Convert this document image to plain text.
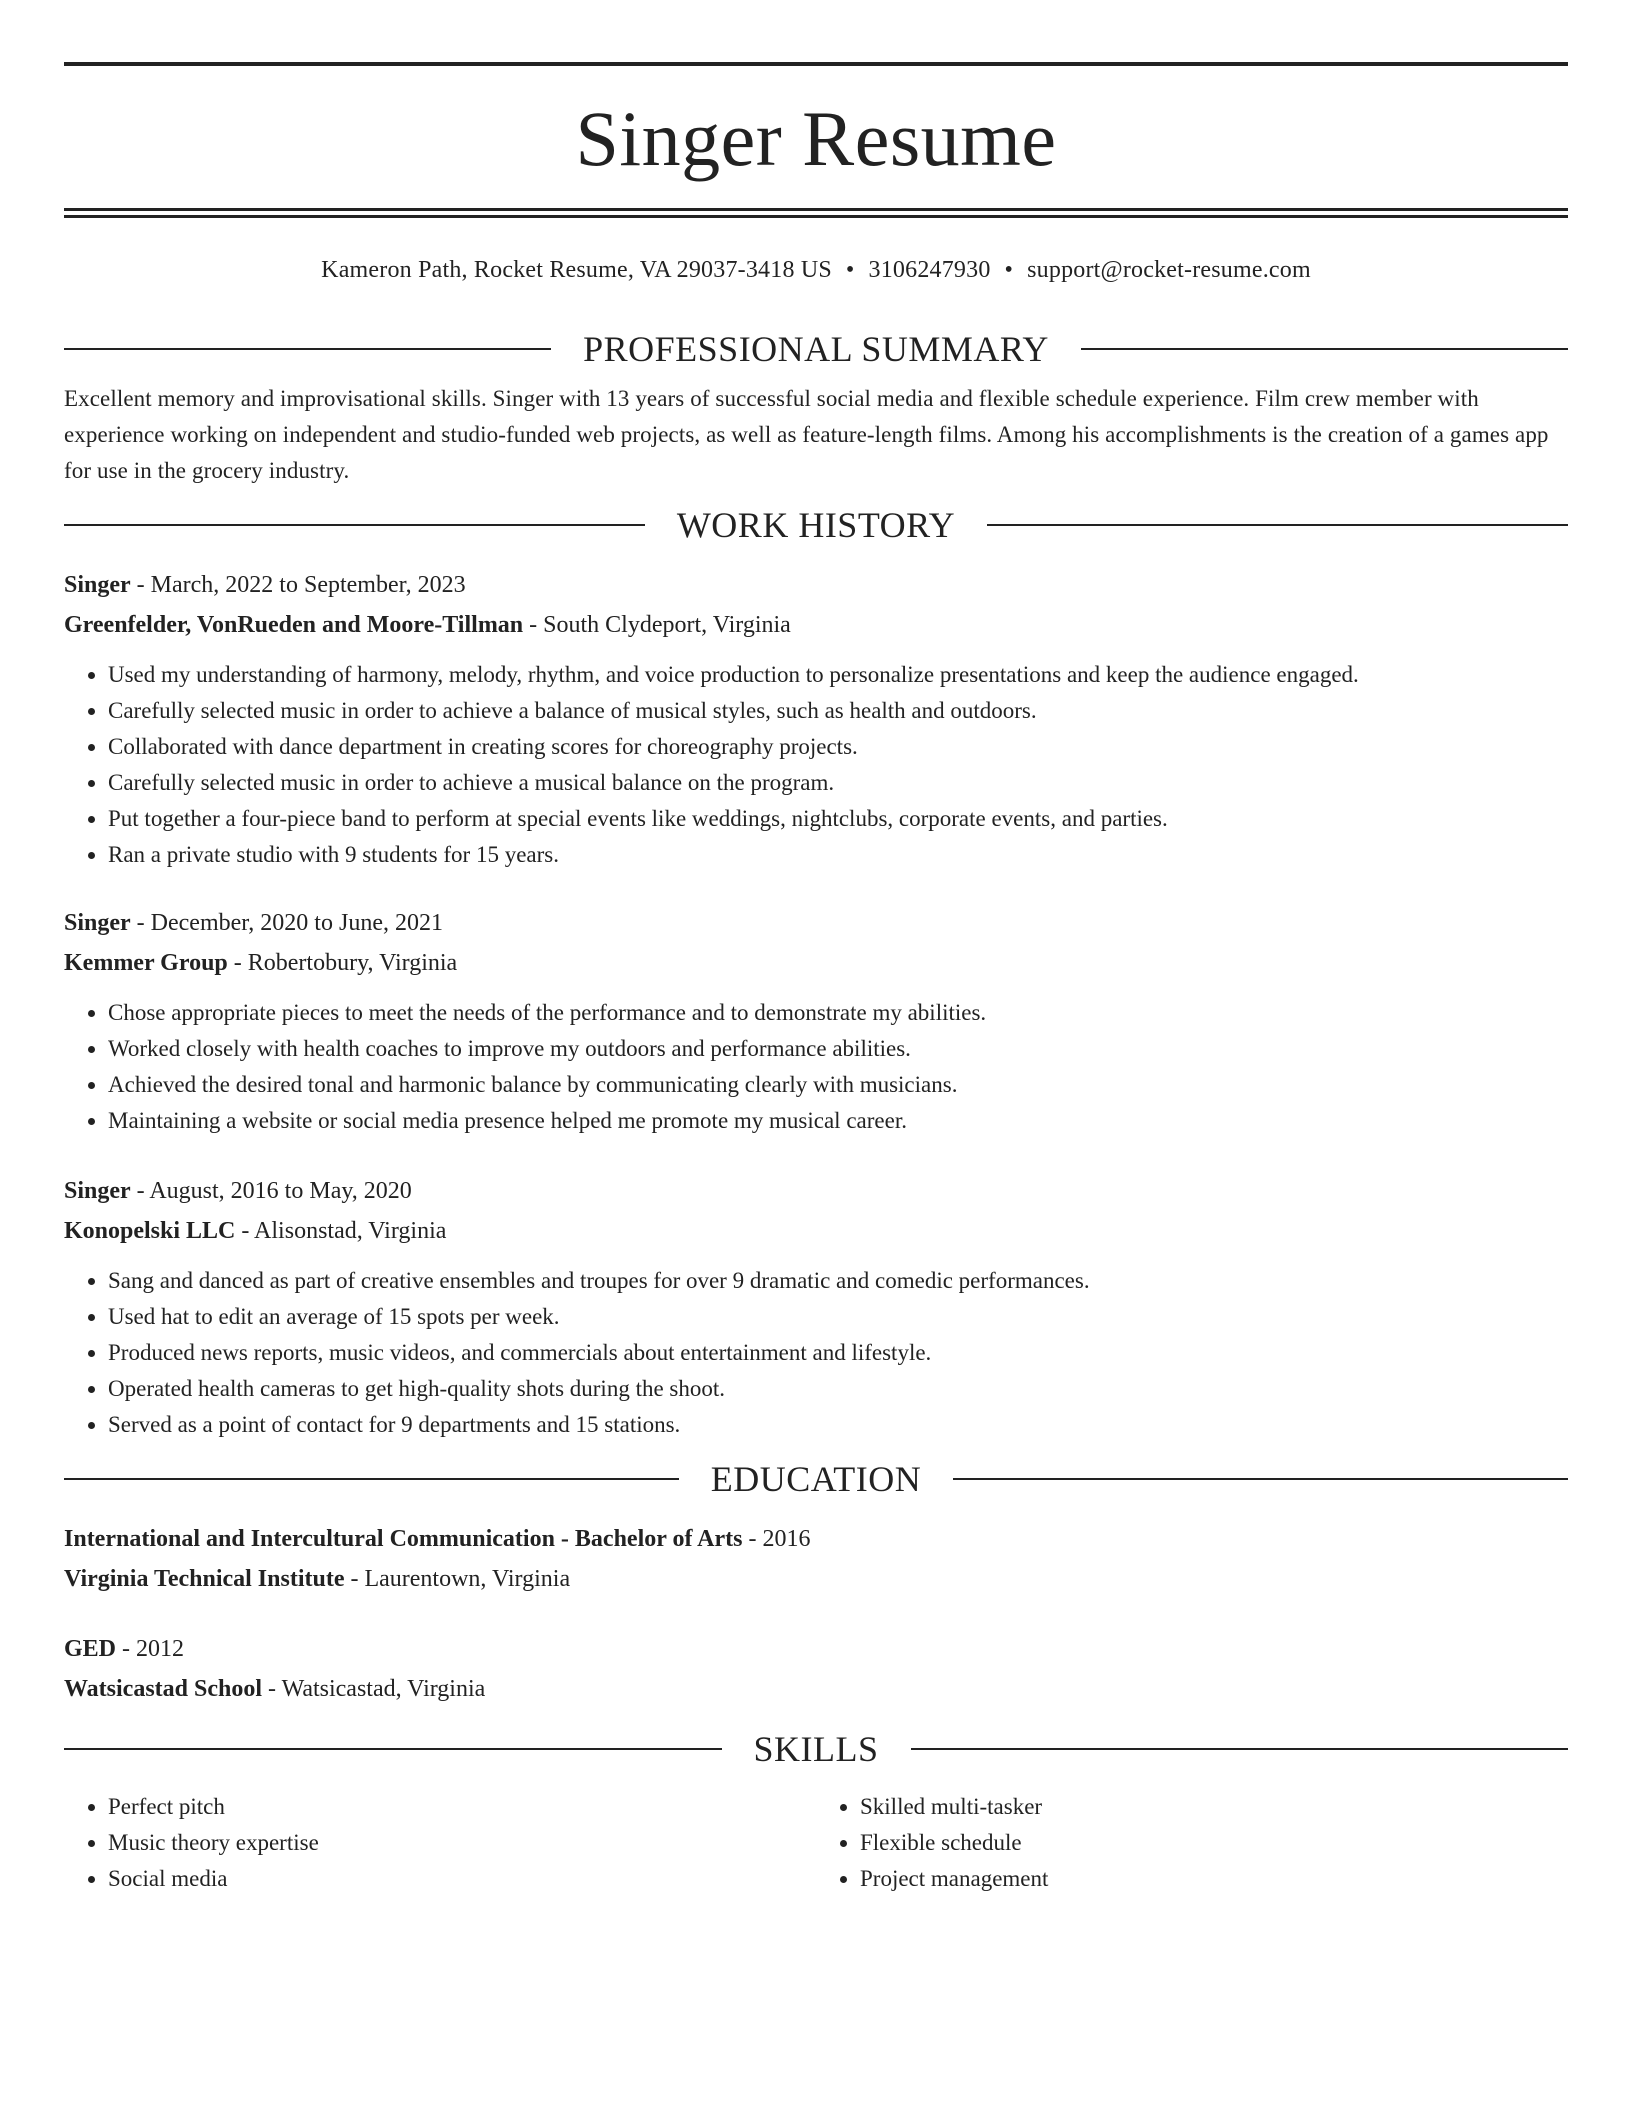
Singer Resume
Kameron Path, Rocket Resume, VA 29037-3418 US • 3106247930 • support@rocket-resume.com
PROFESSIONAL SUMMARY

Excellent memory and improvisational skills. Singer with 13 years of successful social media and flexible schedule experience. Film crew member with experience working on independent and studio-funded web projects, as well as feature-length films. Among his accomplishments is the creation of a games app for use in the grocery industry.

WORK HISTORY
Singer - March, 2022 to September, 2023
Greenfelder, VonRueden and Moore-Tillman - South Clydeport, Virginia
• Used my understanding of harmony, melody, rhythm, and voice production to personalize presentations and keep the audience engaged.
• Carefully selected music in order to achieve a balance of musical styles, such as health and outdoors.
• Collaborated with dance department in creating scores for choreography projects.
• Carefully selected music in order to achieve a musical balance on the program.
• Put together a four-piece band to perform at special events like weddings, nightclubs, corporate events, and parties.
• Ran a private studio with 9 students for 15 years.
Singer - December, 2020 to June, 2021
Kemmer Group - Robertobury, Virginia
• Chose appropriate pieces to meet the needs of the performance and to demonstrate my abilities.
• Worked closely with health coaches to improve my outdoors and performance abilities.
• Achieved the desired tonal and harmonic balance by communicating clearly with musicians.
• Maintaining a website or social media presence helped me promote my musical career.
Singer - August, 2016 to May, 2020
Konopelski LLC - Alisonstad, Virginia
• Sang and danced as part of creative ensembles and troupes for over 9 dramatic and comedic performances.
• Used hat to edit an average of 15 spots per week.
• Produced news reports, music videos, and commercials about entertainment and lifestyle.
• Operated health cameras to get high-quality shots during the shoot.
• Served as a point of contact for 9 departments and 15 stations.
EDUCATION
International and Intercultural Communication - Bachelor of Arts - 2016
Virginia Technical Institute - Laurentown, Virginia
GED - 2012
Watsicastad School - Watsicastad, Virginia
SKILLS
• Perfect pitch
• Music theory expertise
• Social media
• Skilled multi-tasker
• Flexible schedule
• Project management
